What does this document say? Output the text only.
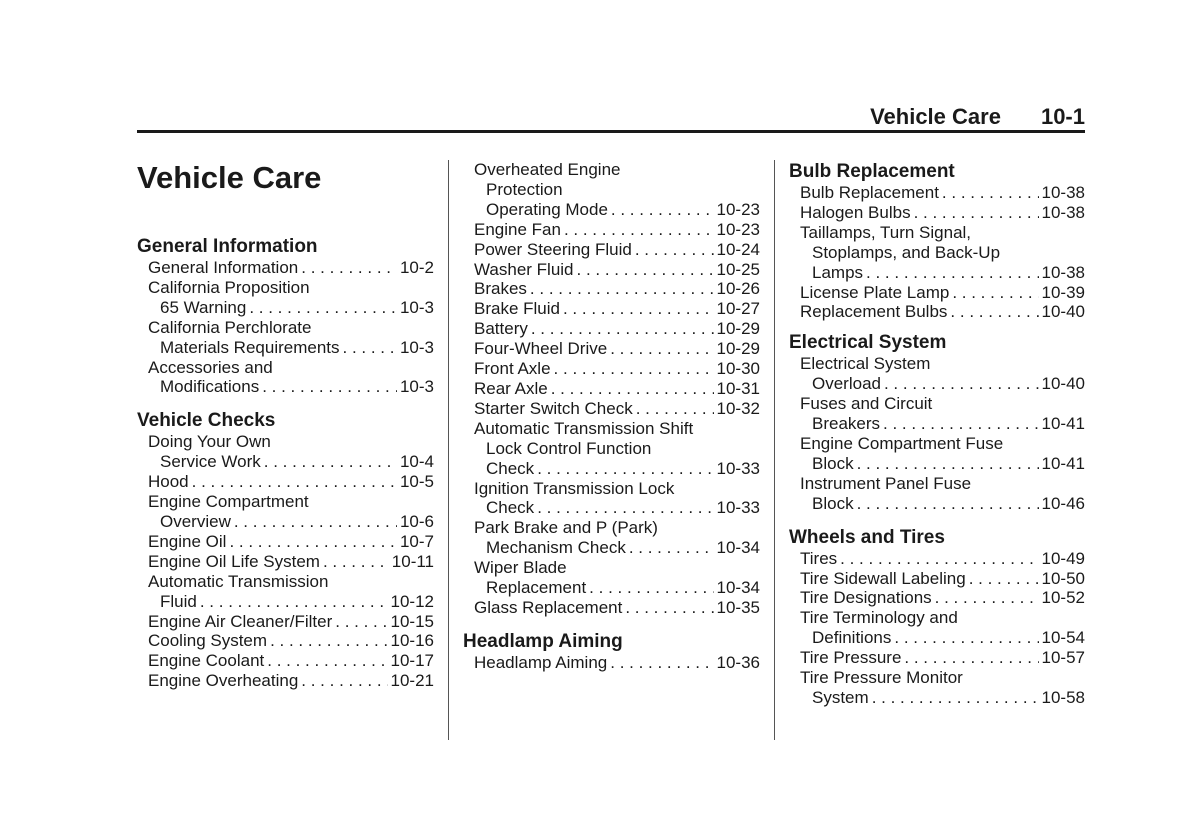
Vehicle Care 10-1
Vehicle Care
General Information
General Information . . .	10-2
California Proposition
65 Warning . . .	10-3
California Perchlorate
Materials Requirements . . .	10-3
Accessories and
Modifications . . .	10-3
Vehicle Checks
Doing Your Own
Service Work . . .	10-4
Hood . . .	10-5
Engine Compartment
Overview . . .	10-6
Engine Oil . . .	10-7
Engine Oil Life System . . .	10-11
Automatic Transmission
Fluid . . .	10-12
Engine Air Cleaner/Filter . . .	10-15
Cooling System . . .	10-16
Engine Coolant . . .	10-17
Engine Overheating . . .	10-21
Overheated Engine
Protection
Operating Mode . . .	10-23
Engine Fan . . .	10-23
Power Steering Fluid . . .	10-24
Washer Fluid . . .	10-25
Brakes . . .	10-26
Brake Fluid . . .	10-27
Battery . . .	10-29
Four-Wheel Drive . . .	10-29
Front Axle . . .	10-30
Rear Axle . . .	10-31
Starter Switch Check . . .	10-32
Automatic Transmission Shift
Lock Control Function
Check . . .	10-33
Ignition Transmission Lock
Check . . .	10-33
Park Brake and P (Park)
Mechanism Check . . .	10-34
Wiper Blade
Replacement . . .	10-34
Glass Replacement . . .	10-35
Headlamp Aiming
Headlamp Aiming . . .	10-36
Bulb Replacement
Bulb Replacement . . .	10-38
Halogen Bulbs . . .	10-38
Taillamps, Turn Signal,
Stoplamps, and Back-Up
Lamps . . .	10-38
License Plate Lamp . . .	10-39
Replacement Bulbs . . .	10-40
Electrical System
Electrical System
Overload . . .	10-40
Fuses and Circuit
Breakers . . .	10-41
Engine Compartment Fuse
Block . . .	10-41
Instrument Panel Fuse
Block . . .	10-46
Wheels and Tires
Tires . . .	10-49
Tire Sidewall Labeling . . .	10-50
Tire Designations . . .	10-52
Tire Terminology and
Definitions . . .	10-54
Tire Pressure . . .	10-57
Tire Pressure Monitor
System . . .	10-58
